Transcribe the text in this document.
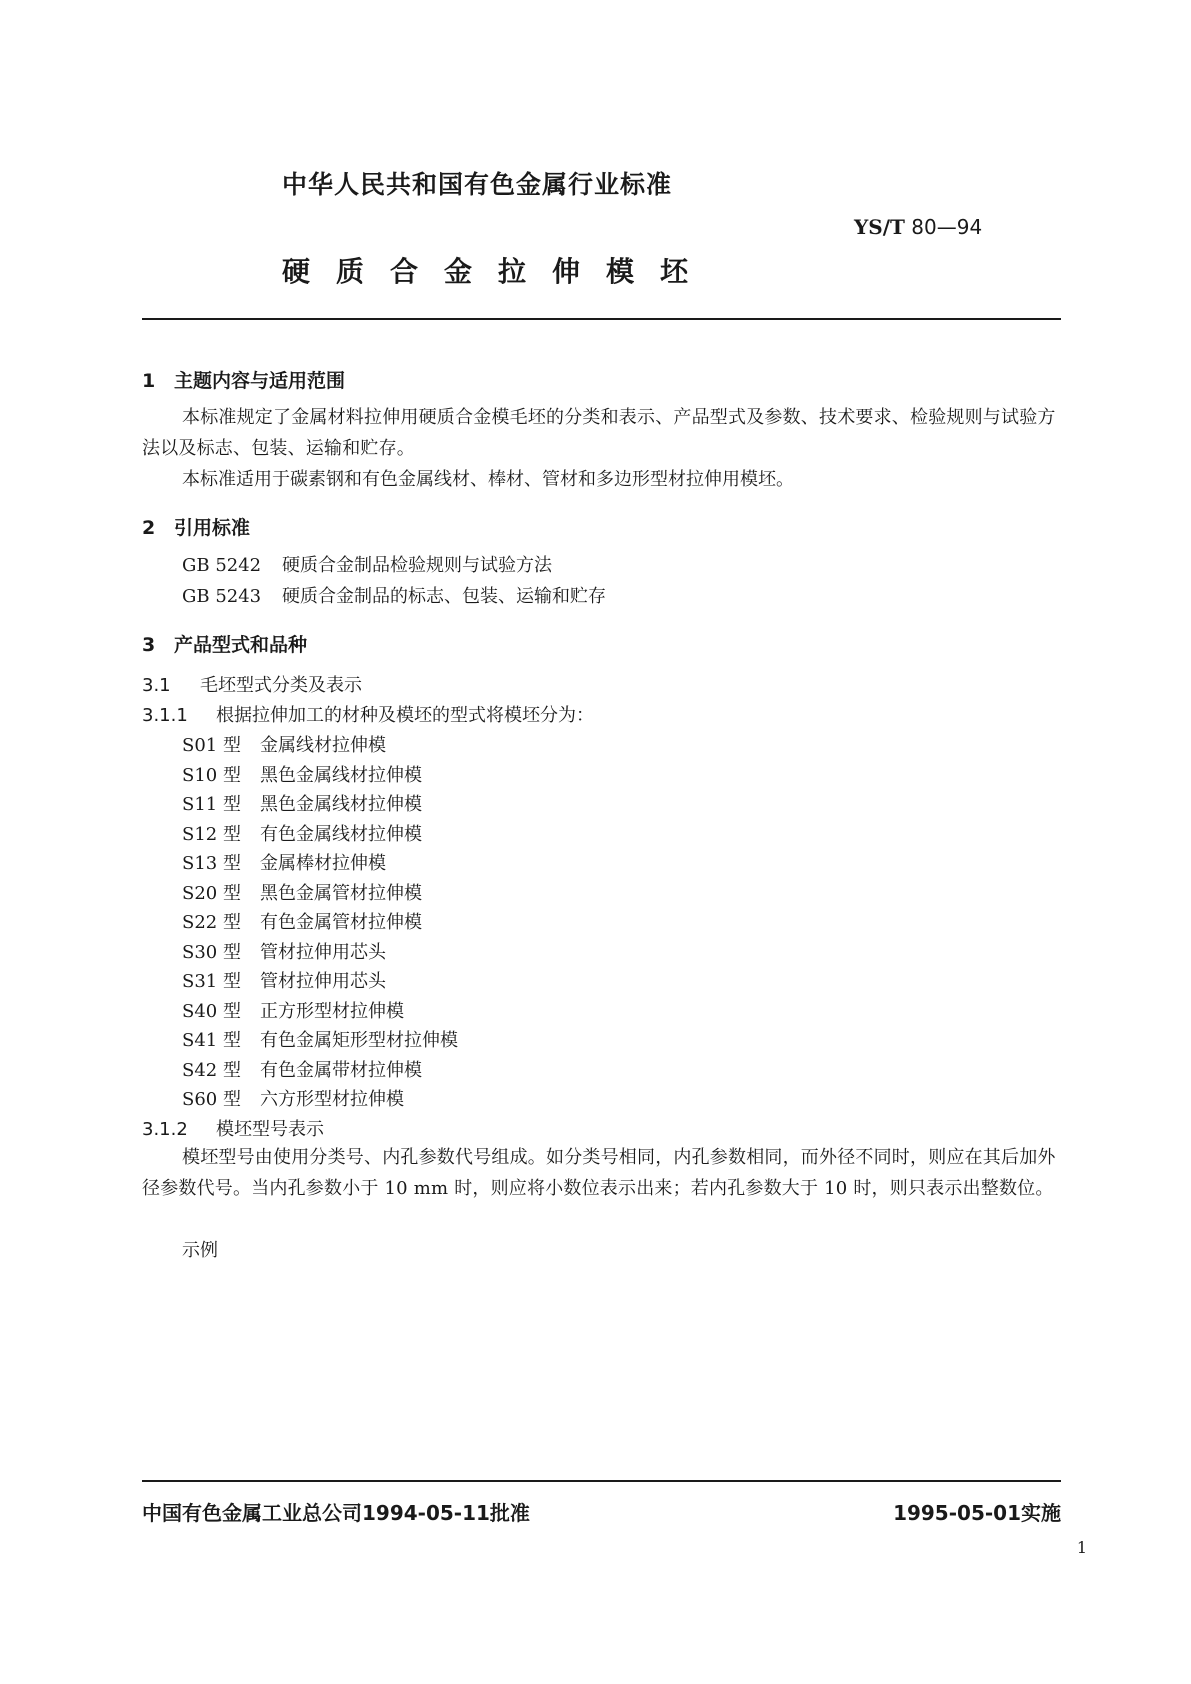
中华人民共和国有色金属行业标准
YS/T 80—94
硬质合金拉伸模坯
1 主题内容与适用范围
本标准规定了金属材料拉伸用硬质合金模毛坯的分类和表示、产品型式及参数、技术要求、检验规则与试验方法以及标志、包装、运输和贮存。
本标准适用于碳素钢和有色金属线材、棒材、管材和多边形型材拉伸用模坯。
2 引用标准
GB 5242 硬质合金制品检验规则与试验方法
GB 5243 硬质合金制品的标志、包装、运输和贮存
3 产品型式和品种
3.1 毛坯型式分类及表示
3.1.1 根据拉伸加工的材种及模坯的型式将模坯分为：
S01 型 金属线材拉伸模
S10 型 黑色金属线材拉伸模
S11 型 黑色金属线材拉伸模
S12 型 有色金属线材拉伸模
S13 型 金属棒材拉伸模
S20 型 黑色金属管材拉伸模
S22 型 有色金属管材拉伸模
S30 型 管材拉伸用芯头
S31 型 管材拉伸用芯头
S40 型 正方形型材拉伸模
S41 型 有色金属矩形型材拉伸模
S42 型 有色金属带材拉伸模
S60 型 六方形型材拉伸模
3.1.2 模坯型号表示
模坯型号由使用分类号、内孔参数代号组成。如分类号相同，内孔参数相同，而外径不同时，则应在其后加外径参数代号。当内孔参数小于 10 mm 时，则应将小数位表示出来；若内孔参数大于 10 时，则只表示出整数位。
示例
中国有色金属工业总公司1994-05-11批准	1995-05-01实施
1
